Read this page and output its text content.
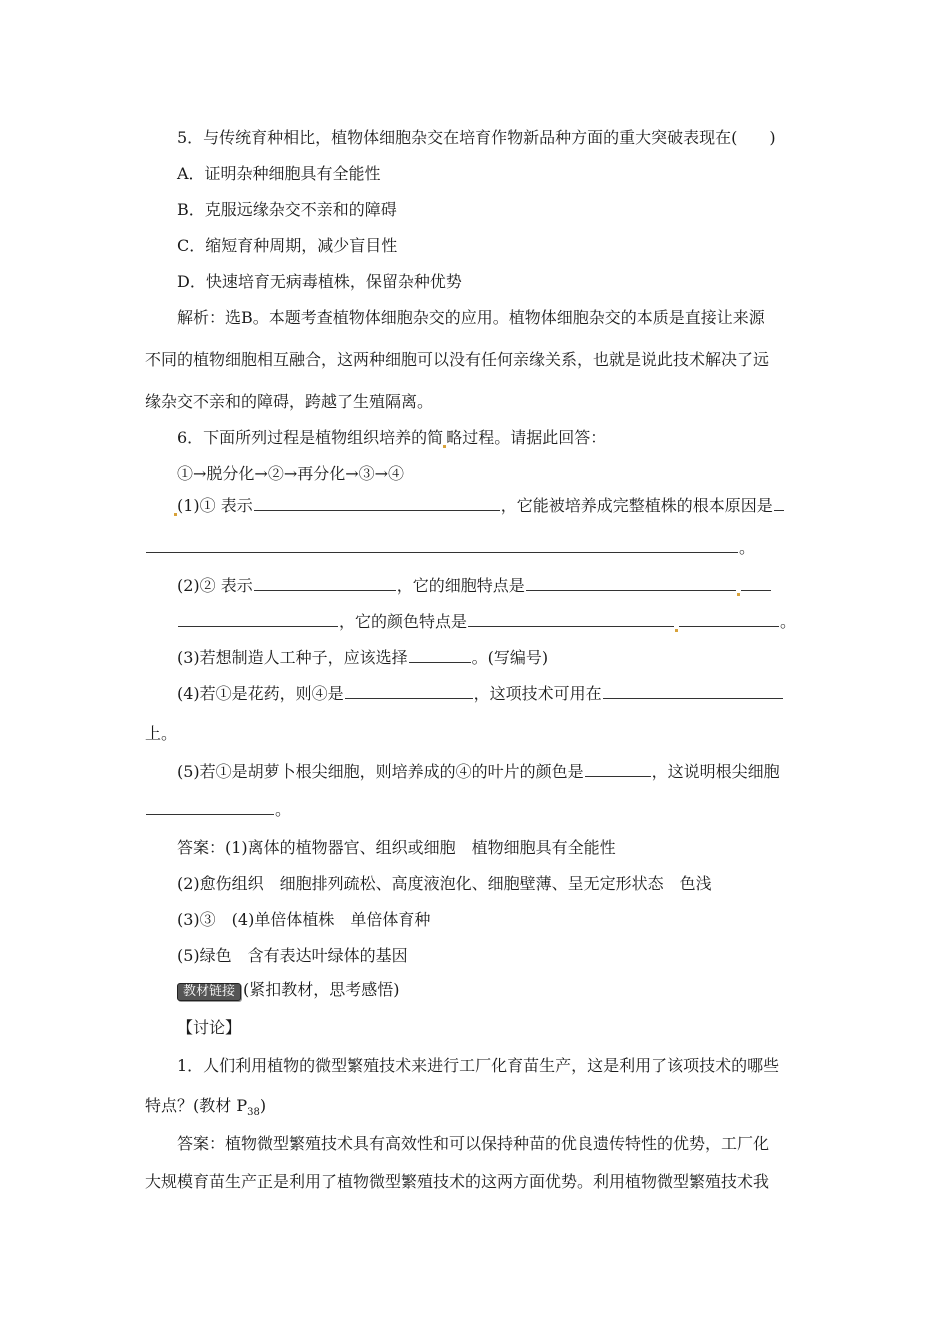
5．与传统育种相比，植物体细胞杂交在培育作物新品种方面的重大突破表现在(　　)
A．证明杂种细胞具有全能性
B．克服远缘杂交不亲和的障碍
C．缩短育种周期，减少盲目性
D．快速培育无病毒植株，保留杂种优势
解析：选B。本题考查植物体细胞杂交的应用。植物体细胞杂交的本质是直接让来源
不同的植物细胞相互融合，这两种细胞可以没有任何亲缘关系，也就是说此技术解决了远
缘杂交不亲和的障碍，跨越了生殖隔离。
6．下面所列过程是植物组织培养的简 略过程。请据此回答：
①→脱分化→②→再分化→③→④
(1)① 表示	，它能被培养成完整植株的根本原因是
。
(2)② 表示	，它的细胞特点是
，它的颜色特点是	。
(3)若想制造人工种子，应该选择	。(写编号)
(4)若①是花药，则④是	，这项技术可用在
上。
(5)若①是胡萝卜根尖细胞，则培养成的④的叶片的颜色是	，这说明根尖细胞
。
答案：(1)离体的植物器官、组织或细胞　植物细胞具有全能性
(2)愈伤组织　细胞排列疏松、高度液泡化、细胞壁薄、呈无定形状态　色浅
(3)③　(4)单倍体植株　单倍体育种
(5)绿色　含有表达叶绿体的基因
教材链接 (紧扣教材，思考感悟)
【讨论】
1．人们利用植物的微型繁殖技术来进行工厂化育苗生产，这是利用了该项技术的哪些
特点？(教材 $P_{38}$)
答案：植物微型繁殖技术具有高效性和可以保持种苗的优良遗传特性的优势，工厂化
大规模育苗生产正是利用了植物微型繁殖技术的这两方面优势。利用植物微型繁殖技术我
